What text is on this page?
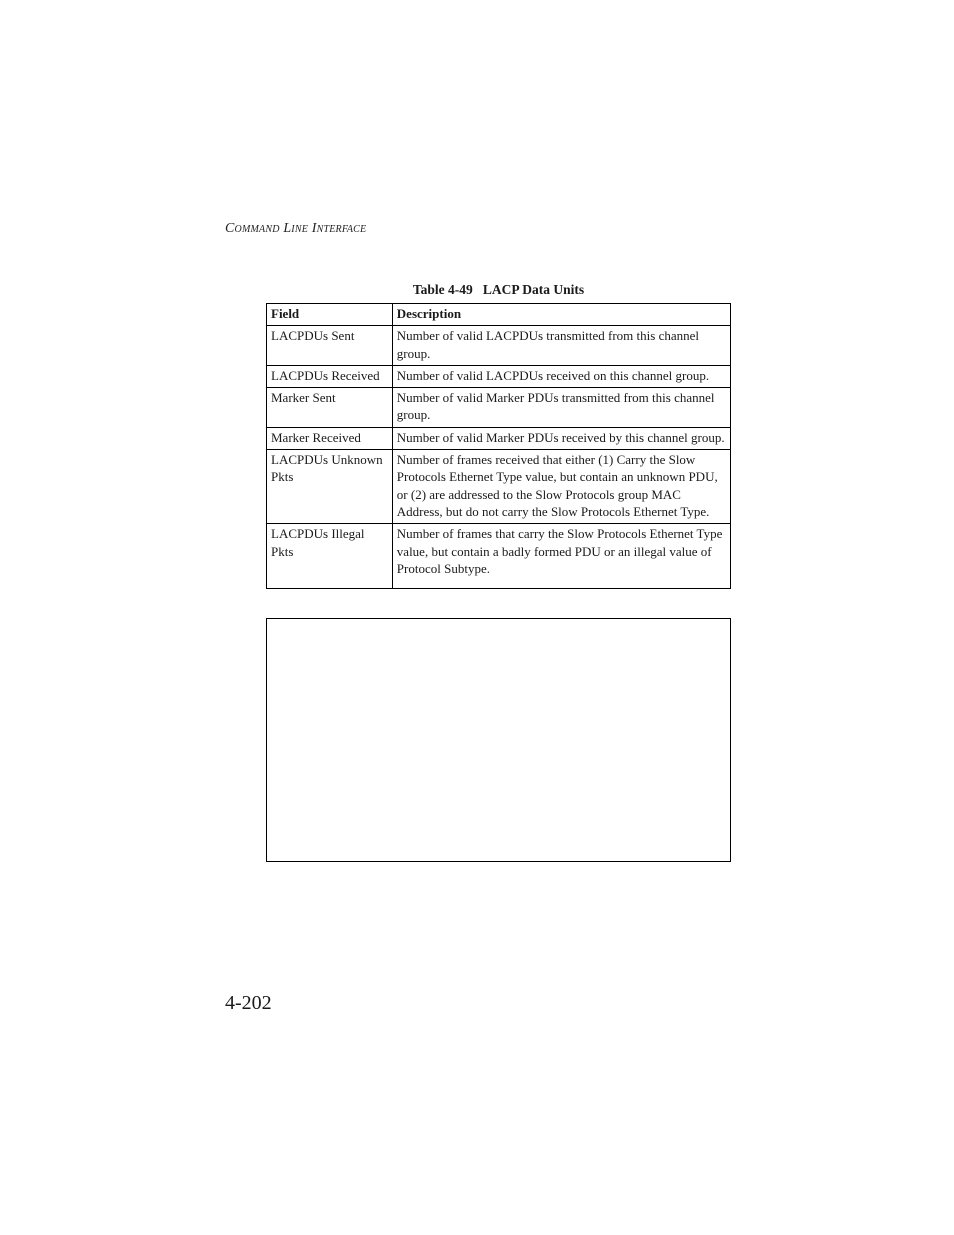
Command Line Interface
Table 4-49   LACP Data Units
Field	Description
LACPDUs Sent	Number of valid LACPDUs transmitted from this channel group.
LACPDUs Received	Number of valid LACPDUs received on this channel group.
Marker Sent	Number of valid Marker PDUs transmitted from this channel group.
Marker Received	Number of valid Marker PDUs received by this channel group.
LACPDUs Unknown Pkts	Number of frames received that either (1) Carry the Slow Protocols Ethernet Type value, but contain an unknown PDU, or (2) are addressed to the Slow Protocols group MAC Address, but do not carry the Slow Protocols Ethernet Type.
LACPDUs Illegal Pkts	Number of frames that carry the Slow Protocols Ethernet Type value, but contain a badly formed PDU or an illegal value of Protocol Subtype.
4-202
